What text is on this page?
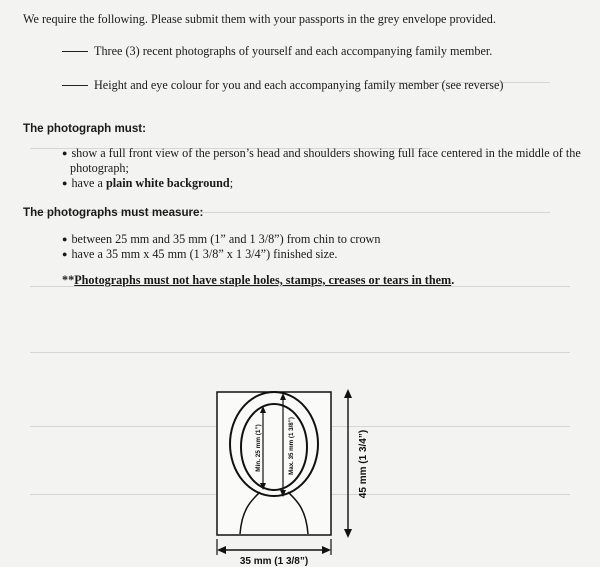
We require the following. Please submit them with your passports in the grey envelope provided.
Three (3) recent photographs of yourself and each accompanying family member.
Height and eye colour for you and each accompanying family member (see reverse)
The photograph must:
● show a full front view of the person’s head and shoulders showing full face centered in the middle of the
photograph;
● have a plain white background;
The photographs must measure:
● between 25 mm and 35 mm (1” and 1 3/8”) from chin to crown
● have a 35 mm x 45 mm (1 3/8” x 1 3/4”) finished size.
**Photographs must not have staple holes, stamps, creases or tears in them.
Min. 25 mm (1”)	Max. 35 mm (1 3/8”)	45 mm (1 3/4”)
35 mm (1 3/8”)
